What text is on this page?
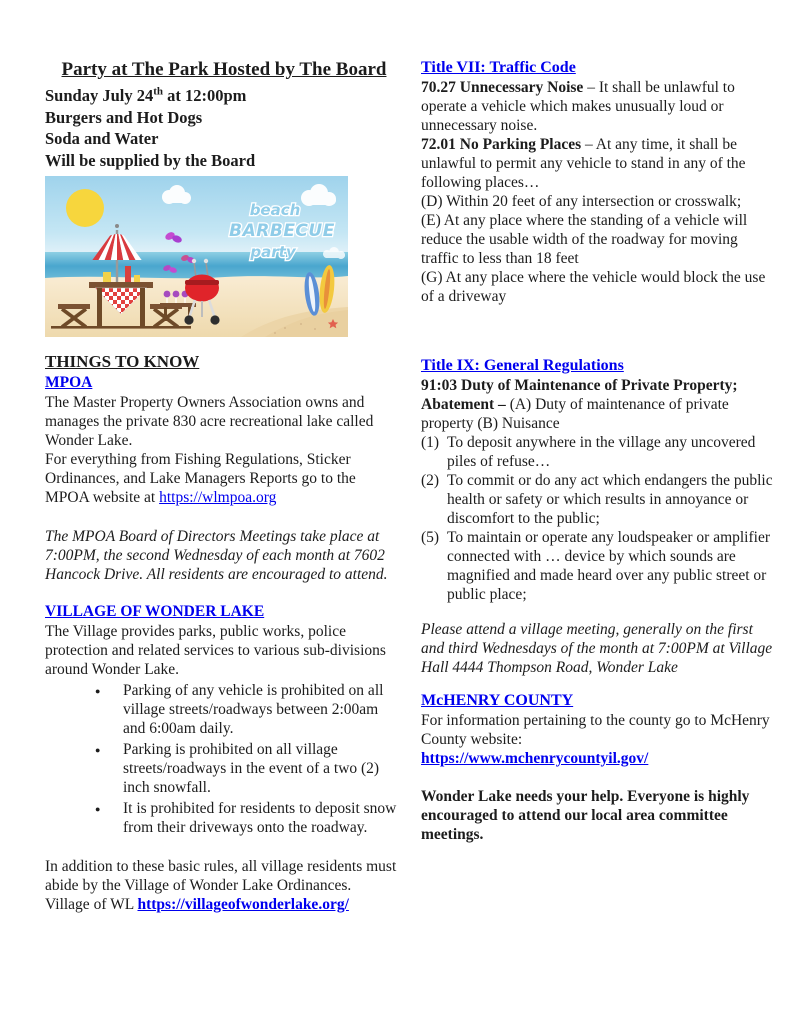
Party at The Park Hosted by The Board

Sunday July 24th at 12:00pm

Burgers and Hot Dogs

Soda and Water

Will be supplied by the Board

beach
BARBECUE
party
THINGS TO KNOW
MPOA

The Master Property Owners Association owns and manages the private 830 acre recreational lake called Wonder Lake.

For everything from Fishing Regulations, Sticker Ordinances, and Lake Managers Reports go to the MPOA website at https://wlmpoa.org

The MPOA Board of Directors Meetings take place at 7:00PM, the second Wednesday of each month at 7602 Hancock Drive. All residents are encouraged to attend.

VILLAGE OF WONDER LAKE

The Village provides parks, public works, police protection and related services to various sub-divisions around Wonder Lake.

●
Parking of any vehicle is prohibited on all village streets/roadways between 2:00am and 6:00am daily.
●
Parking is prohibited on all village streets/roadways in the event of a two (2) inch snowfall.
●
It is prohibited for residents to deposit snow from their driveways onto the roadway.

In addition to these basic rules, all village residents must abide by the Village of Wonder Lake Ordinances.

Village of WL https://villageofwonderlake.org/

Title VII: Traffic Code

70.27 Unnecessary Noise – It shall be unlawful to operate a vehicle which makes unusually loud or unnecessary noise.

72.01 No Parking Places – At any time, it shall be unlawful to permit any vehicle to stand in any of the following places…

(D) Within 20 feet of any intersection or crosswalk;

(E) At any place where the standing of a vehicle will reduce the usable width of the roadway for moving traffic to less than 18 feet

(G) At any place where the vehicle would block the use of a driveway

Title IX: General Regulations

91:03 Duty of Maintenance of Private Property; Abatement – (A) Duty of maintenance of private property (B) Nuisance

(1) To deposit anywhere in the village any uncovered piles of refuse…
(2) To commit or do any act which endangers the public health or safety or which results in annoyance or discomfort to the public;
(5) To maintain or operate any loudspeaker or amplifier connected with … device by which sounds are magnified and made heard over any public street or public place;

Please attend a village meeting, generally on the first and third Wednesdays of the month at 7:00PM at Village Hall 4444 Thompson Road, Wonder Lake

McHENRY COUNTY

For information pertaining to the county go to McHenry County website:

https://www.mchenrycountyil.gov/

Wonder Lake needs your help. Everyone is highly encouraged to attend our local area committee meetings.
